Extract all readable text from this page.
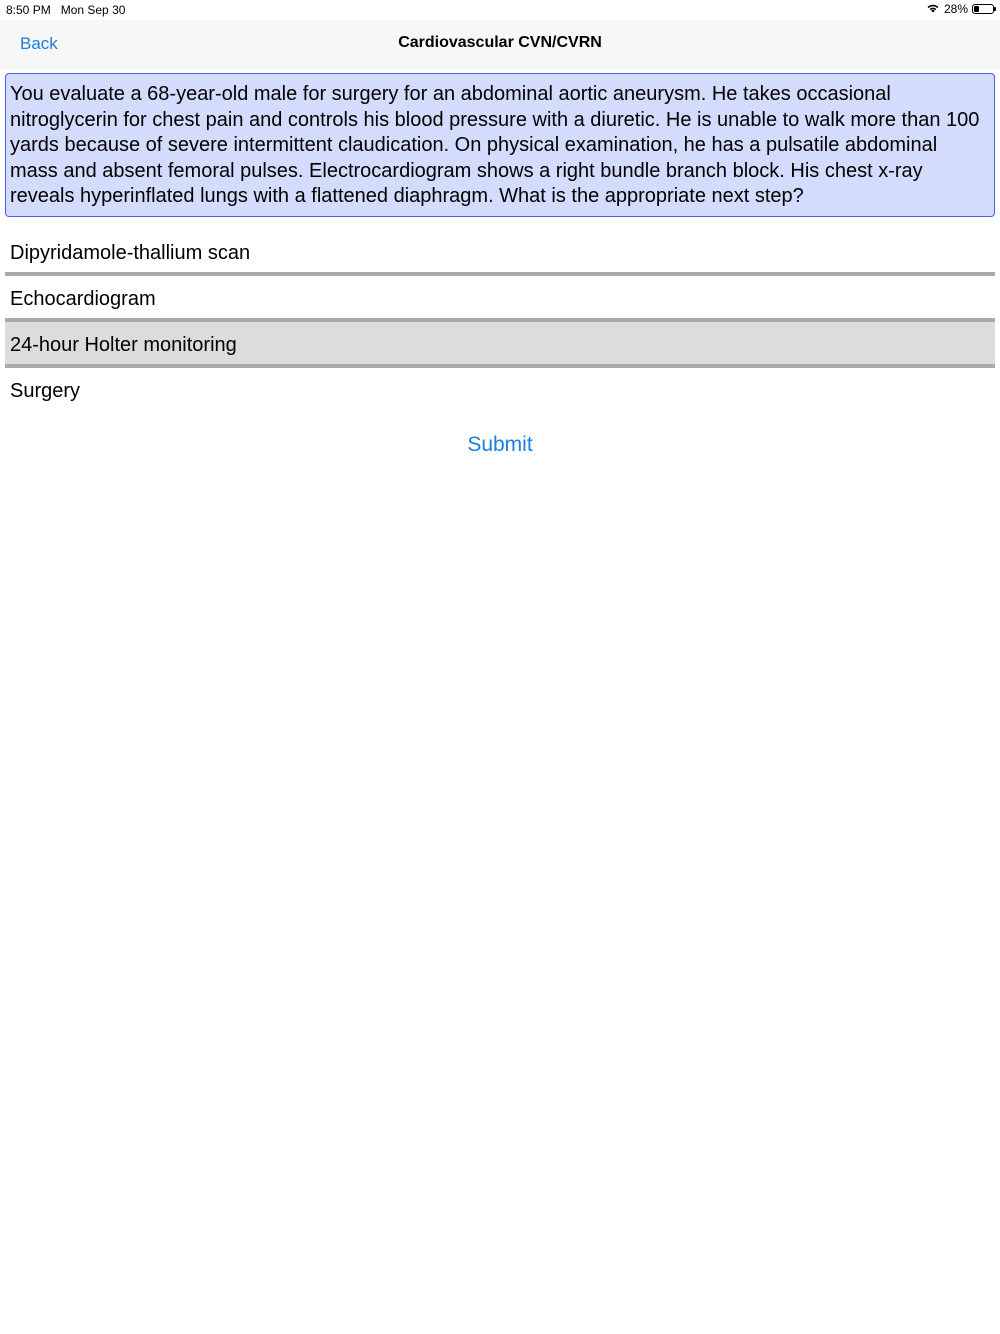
8:50 PM Mon Sep 30	28%
Back	Cardiovascular CVN/CVRN
You evaluate a 68-year-old male for surgery for an abdominal aortic aneurysm. He takes occasional nitroglycerin for chest pain and controls his blood pressure with a diuretic. He is unable to walk more than 100 yards because of severe intermittent claudication. On physical examination, he has a pulsatile abdominal mass and absent femoral pulses. Electrocardiogram shows a right bundle branch block. His chest x-ray reveals hyperinflated lungs with a flattened diaphragm. What is the appropriate next step?
Dipyridamole-thallium scan
Echocardiogram
24-hour Holter monitoring
Surgery
Submit
